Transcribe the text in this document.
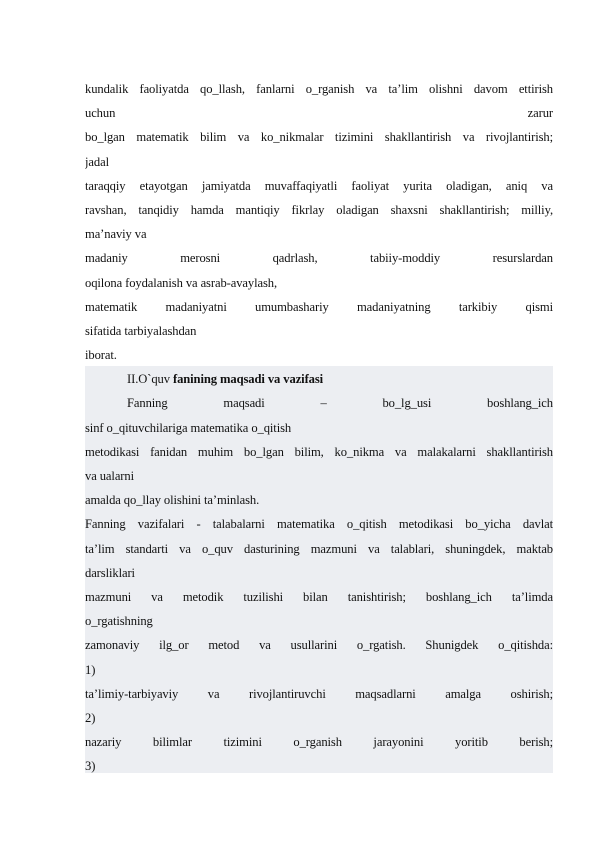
kundalik faoliyatda qo_llash, fanlarni o_rganish va ta’lim olishni davom ettirish
uchun zarur
bo_lgan matematik bilim va ko_nikmalar tizimini shakllantirish va rivojlantirish;
jadal
taraqqiy etayotgan jamiyatda muvaffaqiyatli faoliyat yurita oladigan, aniq va
ravshan, tanqidiy hamda mantiqiy fikrlay oladigan shaxsni shakllantirish; milliy,
ma’naviy va
madaniy merosni qadrlash, tabiiy-moddiy resurslardan
oqilona foydalanish va asrab-avaylash,
matematik madaniyatni umumbashariy madaniyatning tarkibiy qismi
sifatida tarbiyalashdan
iborat.
II.O`quv fanining maqsadi va vazifasi
Fanning maqsadi – bo_lg_usi boshlang_ich
sinf o_qituvchilariga matematika o_qitish
metodikasi fanidan muhim bo_lgan bilim, ko_nikma va malakalarni shakllantirish
va ualarni
amalda qo_llay olishini ta’minlash.
Fanning vazifalari - talabalarni matematika o_qitish metodikasi bo_yicha davlat
ta’lim standarti va o_quv dasturining mazmuni va talablari, shuningdek, maktab
darsliklari
mazmuni va metodik tuzilishi bilan tanishtirish; boshlang_ich ta’limda
o_rgatishning
zamonaviy ilg_or metod va usullarini o_rgatish. Shunigdek o_qitishda:
1)
ta’limiy-tarbiyaviy va rivojlantiruvchi maqsadlarni amalga oshirish;
2)
nazariy bilimlar tizimini o_rganish jarayonini yoritib berish;
3)
